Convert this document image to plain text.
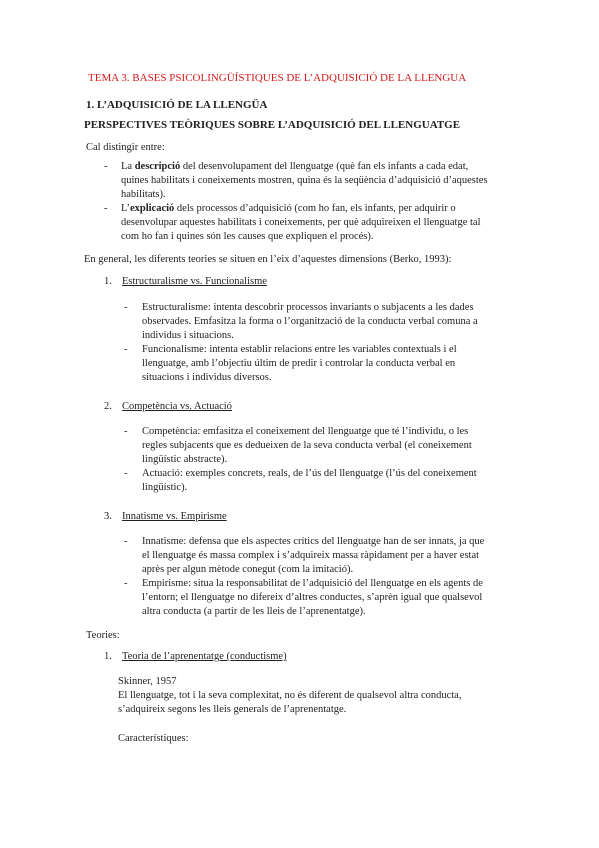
TEMA 3. BASES PSICOLINGÜÍSTIQUES DE L’ADQUISICIÓ DE LA LLENGUA
1. L’ADQUISICIÓ DE LA LLENGÜA
PERSPECTIVES TEÒRIQUES SOBRE L’ADQUISICIÓ DEL LLENGUATGE
Cal distingir entre:
- La descripció del desenvolupament del llenguatge (què fan els infants a cada edat,
quines habilitats i coneixements mostren, quina és la seqüència d’adquisició d’aquestes
habilitats).
- L’explicació dels processos d’adquisició (com ho fan, els infants, per adquirir o
desenvolupar aquestes habilitats i coneixements, per què adquireixen el llenguatge tal
com ho fan i quines són les causes que expliquen el procés).
En general, les diferents teories se situen en l’eix d’aquestes dimensions (Berko, 1993):
1. Estructuralisme vs. Funcionalisme
- Estructuralisme: intenta descobrir processos invariants o subjacents a les dades
observades. Emfasitza la forma o l’organització de la conducta verbal comuna a
individus i situacions.
- Funcionalisme: intenta establir relacions entre les variables contextuals i el
llenguatge, amb l’objectiu últim de predir i controlar la conducta verbal en
situacions i individus diversos.
2. Competència vs. Actuació
- Competència: emfasitza el coneixement del llenguatge que té l’individu, o les
regles subjacents que es dedueixen de la seva conducta verbal (el coneixement
lingüístic abstracte).
- Actuació: exemples concrets, reals, de l’ús del llenguatge (l’ús del coneixement
lingüístic).
3. Innatisme vs. Empirisme
- Innatisme: defensa que els aspectes crítics del llenguatge han de ser innats, ja que
el llenguatge és massa complex i s’adquireix massa ràpidament per a haver estat
après per algun mètode conegut (com la imitació).
- Empirisme: situa la responsabilitat de l’adquisició del llenguatge en els agents de
l’entorn; el llenguatge no difereix d’altres conductes, s’aprèn igual que qualsevol
altra conducta (a partir de les lleis de l’aprenentatge).
Teories:
1. Teoria de l’aprenentatge (conductisme)
Skinner, 1957
El llenguatge, tot i la seva complexitat, no és diferent de qualsevol altra conducta,
s’adquireix segons les lleis generals de l’aprenentatge.
Característiques:
